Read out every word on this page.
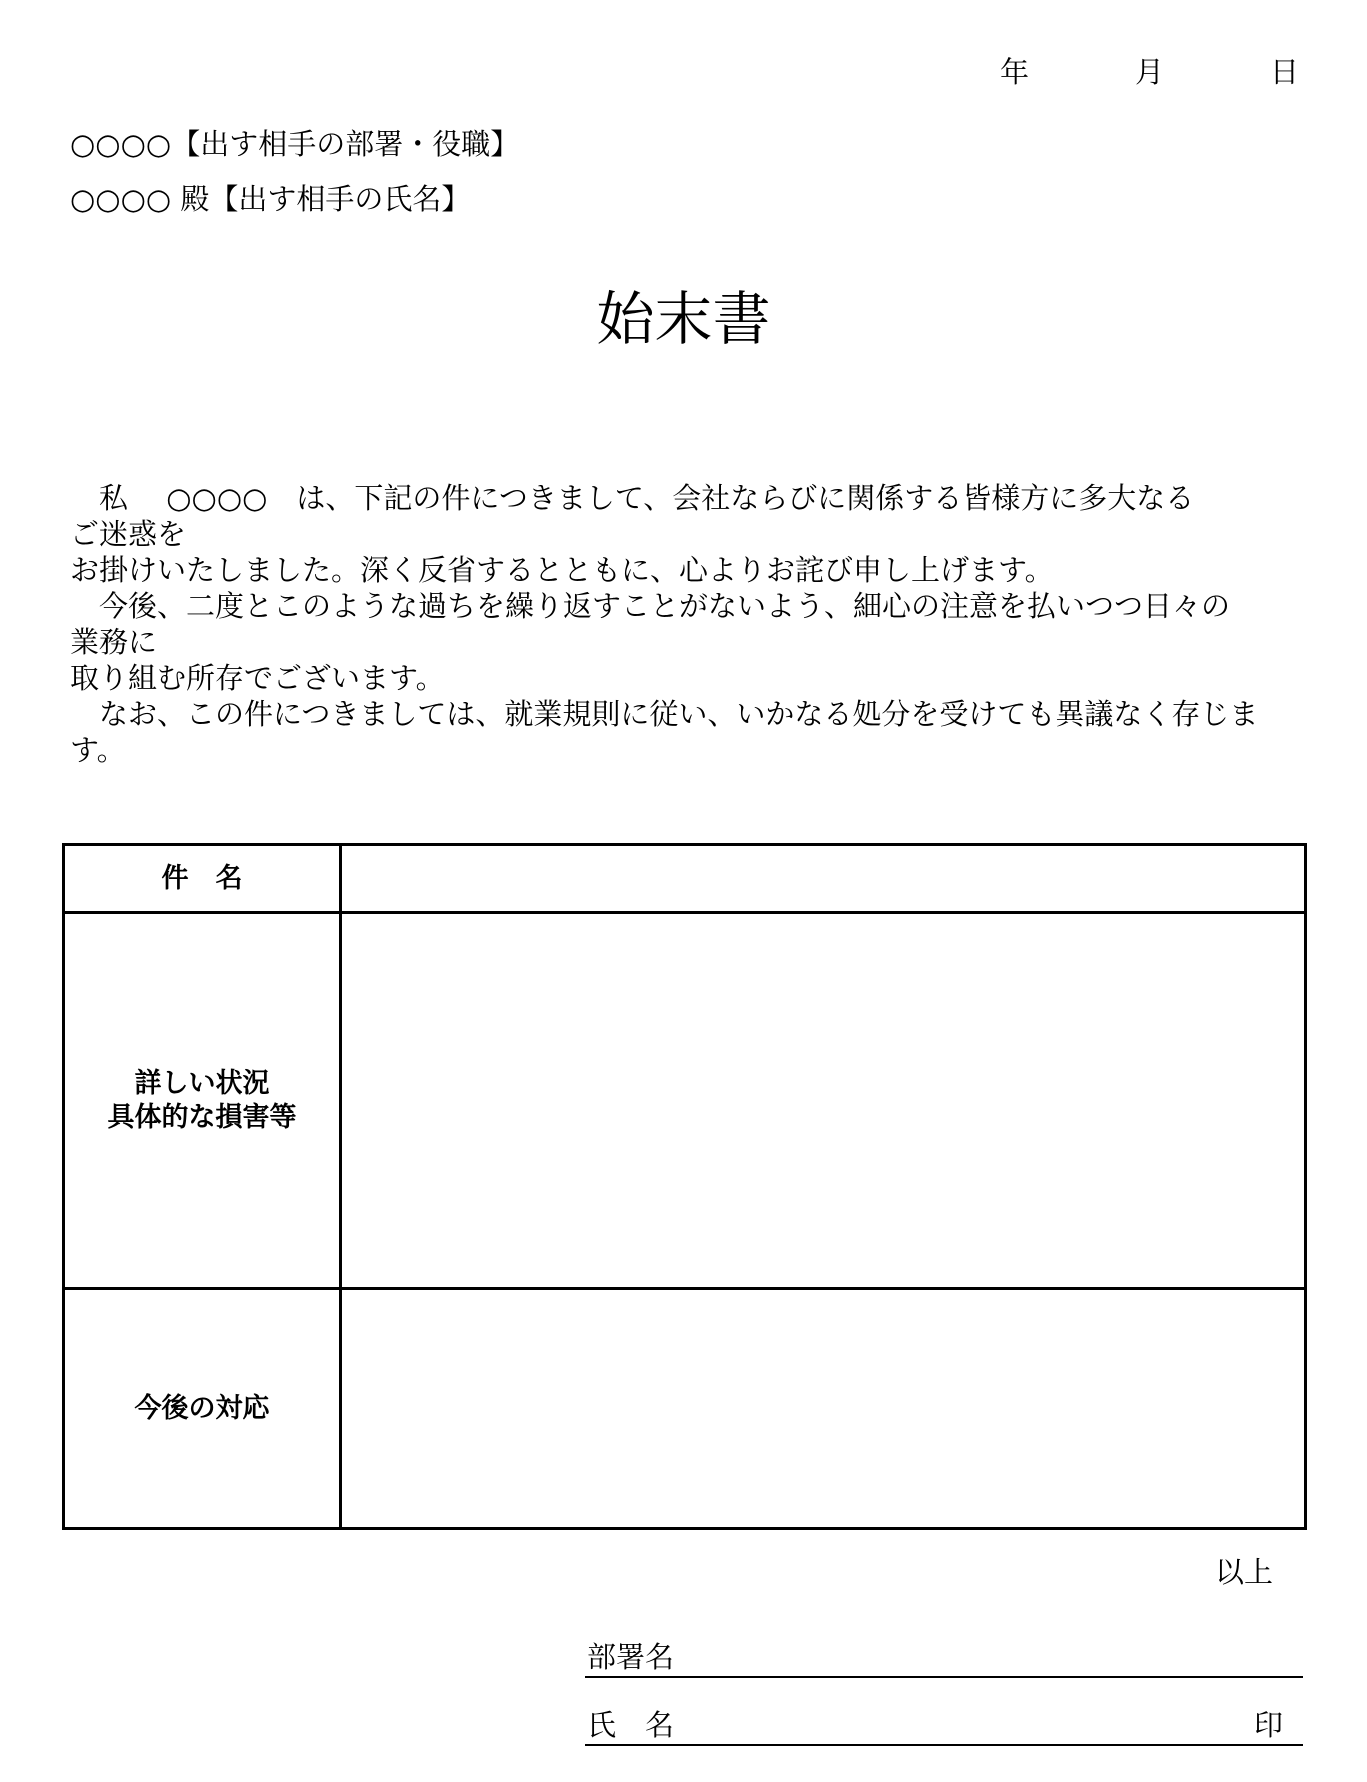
年	月	日
○○○○【出す相手の部署・役職】
○○○○ 殿【出す相手の氏名】
始末書
　私　 ○○○○　は、下記の件につきまして、会社ならびに関係する皆様方に多大なる
ご迷惑を
お掛けいたしました。深く反省するとともに、心よりお詫び申し上げます。
　今後、二度とこのような過ちを繰り返すことがないよう、細心の注意を払いつつ日々の
業務に
取り組む所存でございます。
　なお、この件につきましては、就業規則に従い、いかなる処分を受けても異議なく存じま
す。
件　名	

詳しい状況
具体的な損害等	

今後の対応	

以上
部署名
氏　名	印
